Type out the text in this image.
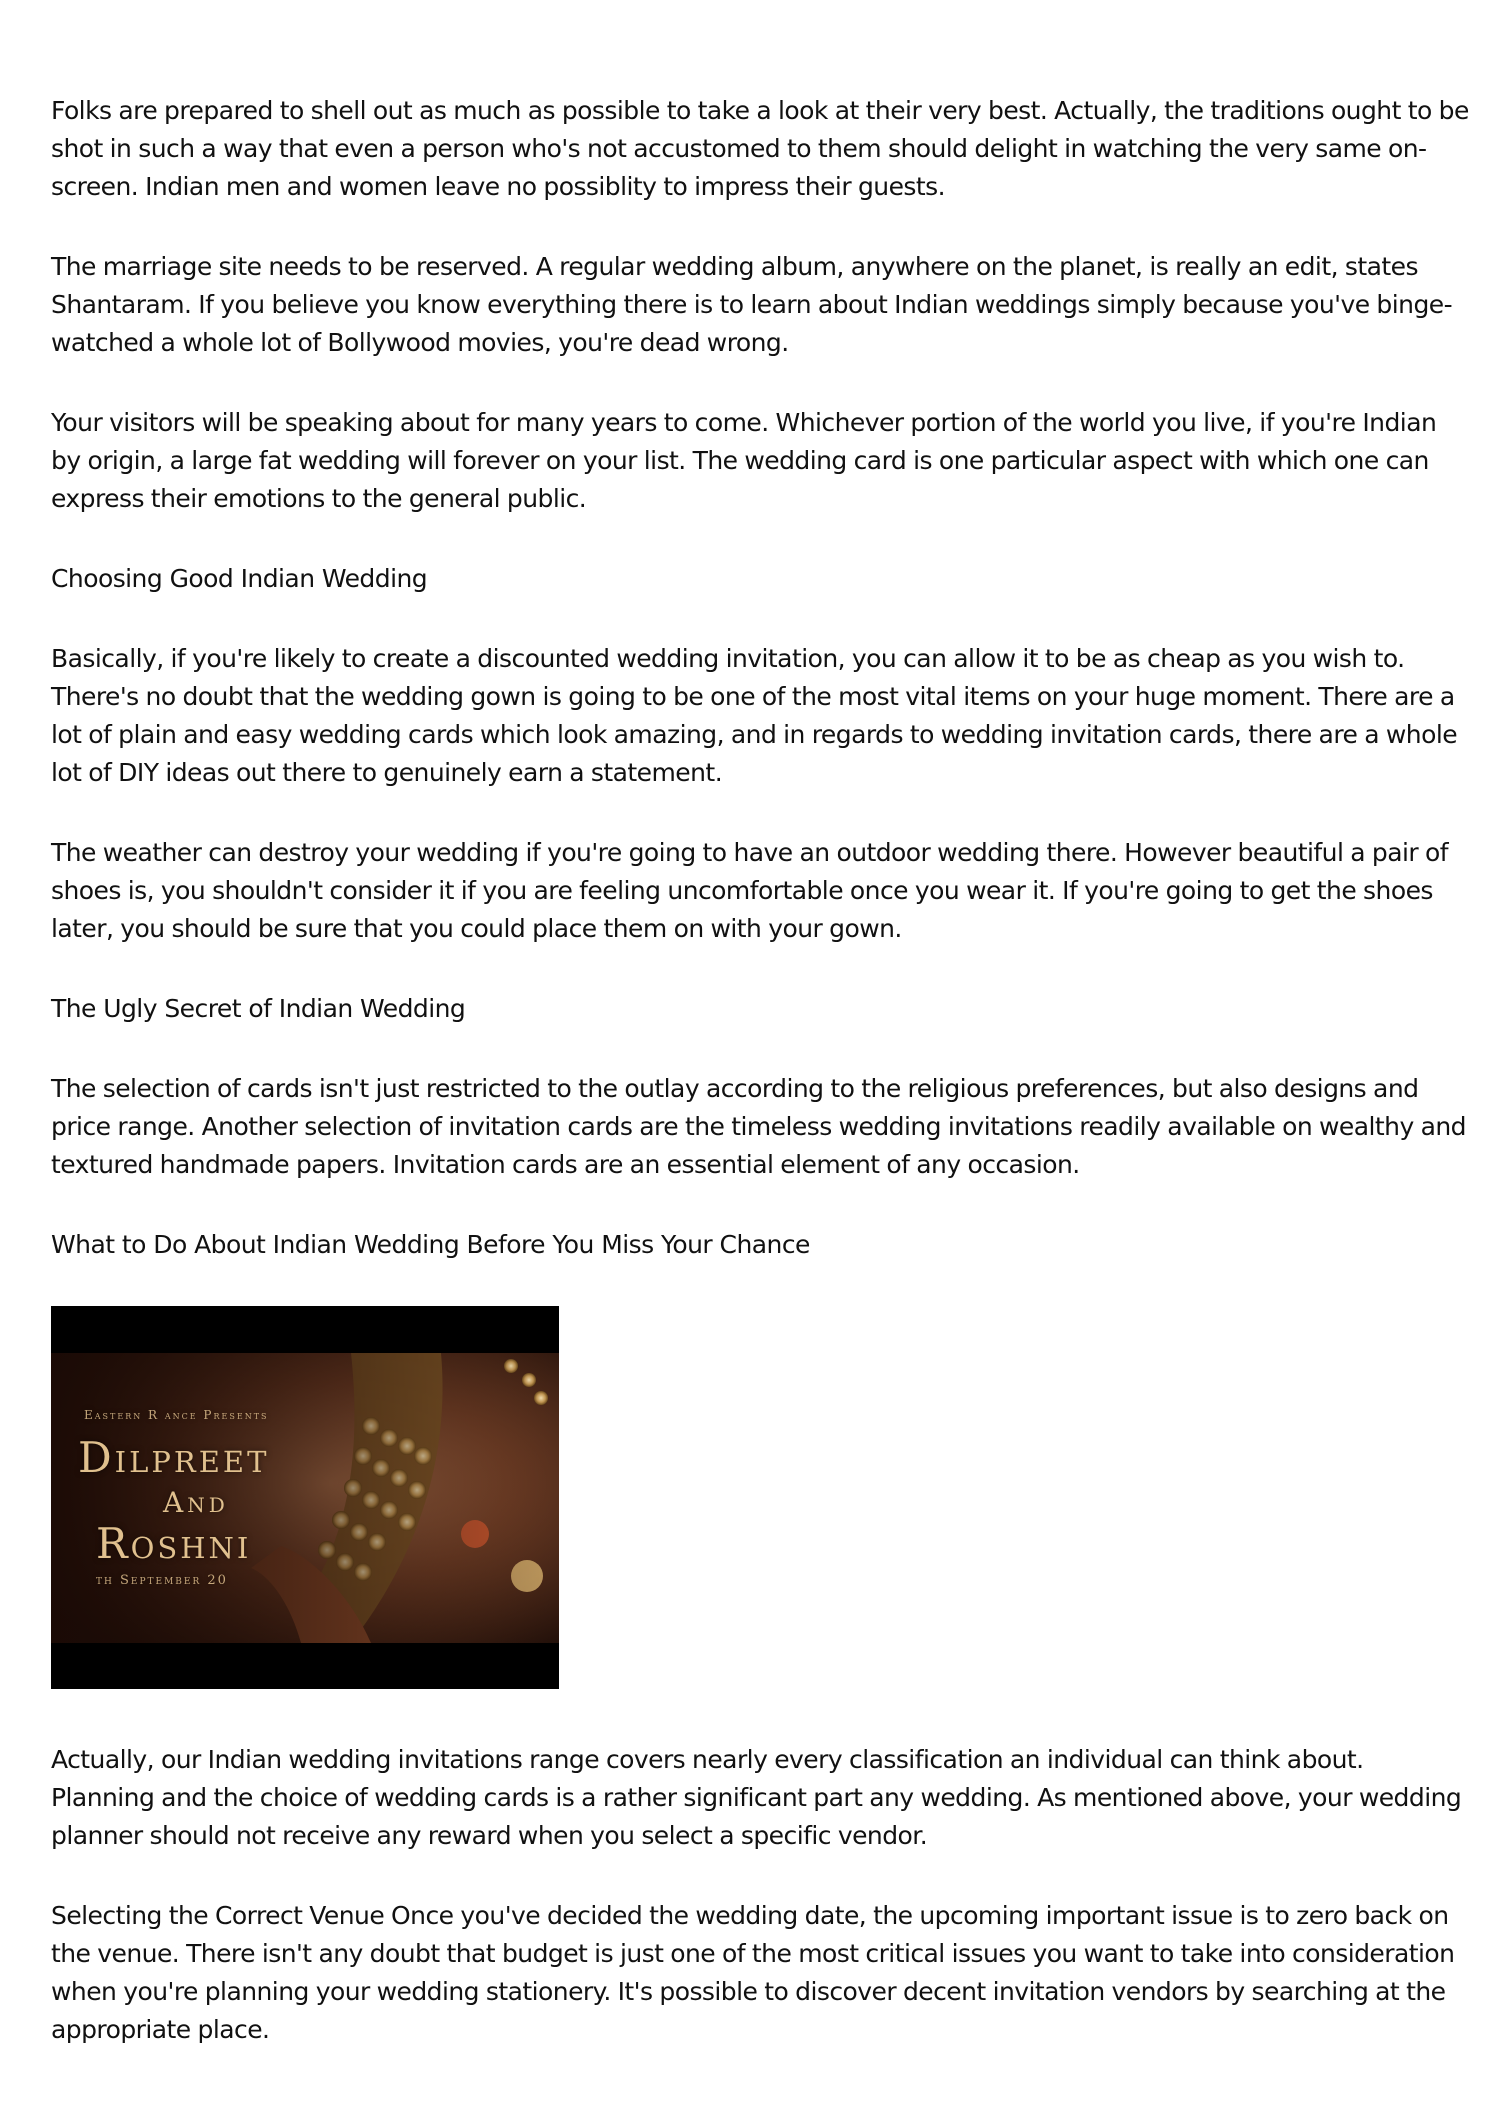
Folks are prepared to shell out as much as possible to take a look at their very best. Actually, the traditions ought to be shot in such a way that even a person who's not accustomed to them should delight in watching the very same on-screen. Indian men and women leave no possiblity to impress their guests.

The marriage site needs to be reserved. A regular wedding album, anywhere on the planet, is really an edit, states Shantaram. If you believe you know everything there is to learn about Indian weddings simply because you've binge-watched a whole lot of Bollywood movies, you're dead wrong.

Your visitors will be speaking about for many years to come. Whichever portion of the world you live, if you're Indian by origin, a large fat wedding will forever on your list. The wedding card is one particular aspect with which one can express their emotions to the general public.

Choosing Good Indian Wedding

Basically, if you're likely to create a discounted wedding invitation, you can allow it to be as cheap as you wish to. There's no doubt that the wedding gown is going to be one of the most vital items on your huge moment. There are a lot of plain and easy wedding cards which look amazing, and in regards to wedding invitation cards, there are a whole lot of DIY ideas out there to genuinely earn a statement.

The weather can destroy your wedding if you're going to have an outdoor wedding there. However beautiful a pair of shoes is, you shouldn't consider it if you are feeling uncomfortable once you wear it. If you're going to get the shoes later, you should be sure that you could place them on with your gown.

The Ugly Secret of Indian Wedding

The selection of cards isn't just restricted to the outlay according to the religious preferences, but also designs and price range. Another selection of invitation cards are the timeless wedding invitations readily available on wealthy and textured handmade papers. Invitation cards are an essential element of any occasion.

What to Do About Indian Wedding Before You Miss Your Chance

Eastern R ance Presents
Dilpreet
And
Roshni
th September 20

Actually, our Indian wedding invitations range covers nearly every classification an individual can think about. Planning and the choice of wedding cards is a rather significant part any wedding. As mentioned above, your wedding planner should not receive any reward when you select a specific vendor.

Selecting the Correct Venue Once you've decided the wedding date, the upcoming important issue is to zero back on the venue. There isn't any doubt that budget is just one of the most critical issues you want to take into consideration when you're planning your wedding stationery. It's possible to discover decent invitation vendors by searching at the appropriate place.
